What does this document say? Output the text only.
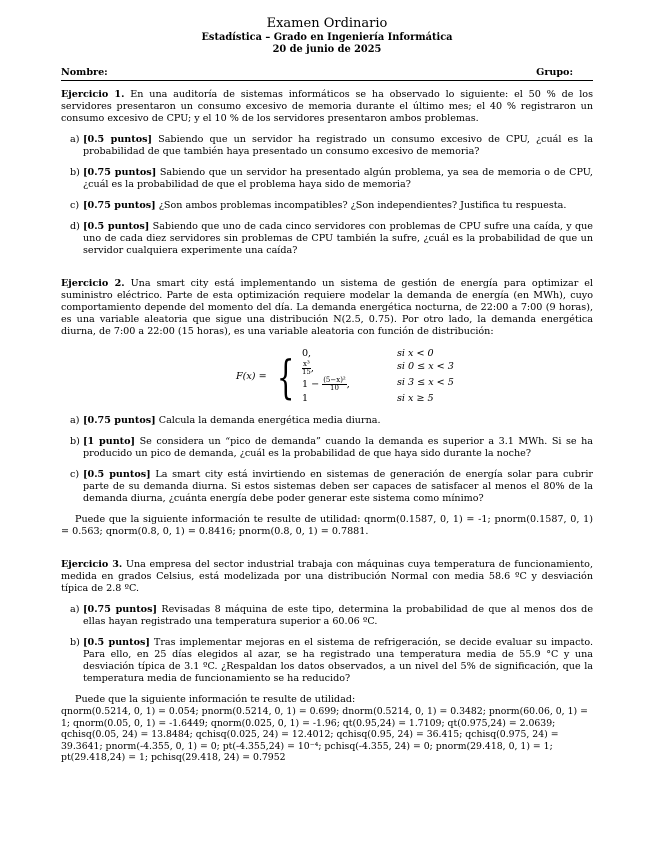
Examen Ordinario
Estadística – Grado en Ingeniería Informática
20 de junio de 2025
Nombre:	Grupo:

Ejercicio 1. En una auditoría de sistemas informáticos se ha observado lo siguiente: el 50 % de los servidores presentaron un consumo excesivo de memoria durante el último mes; el 40 % registraron un consumo excesivo de CPU; y el 10 % de los servidores presentaron ambos problemas.

a) [0.5 puntos] Sabiendo que un servidor ha registrado un consumo excesivo de CPU, ¿cuál es la probabilidad de que también haya presentado un consumo excesivo de memoria?
b) [0.75 puntos] Sabiendo que un servidor ha presentado algún problema, ya sea de memoria o de CPU, ¿cuál es la probabilidad de que el problema haya sido de memoria?
c) [0.75 puntos] ¿Son ambos problemas incompatibles? ¿Son independientes? Justifica tu respuesta.
d) [0.5 puntos] Sabiendo que uno de cada cinco servidores con problemas de CPU sufre una caída, y que uno de cada diez servidores sin problemas de CPU también la sufre, ¿cuál es la probabilidad de que un servidor cualquiera experimente una caída?

Ejercicio 2. Una smart city está implementando un sistema de gestión de energía para optimizar el suministro eléctrico. Parte de esta optimización requiere modelar la demanda de energía (en MWh), cuyo comportamiento depende del momento del día. La demanda energética nocturna, de 22:00 a 7:00 (9 horas), es una variable aleatoria que sigue una distribución N(2.5, 0.75). Por otro lado, la demanda energética diurna, de 7:00 a 22:00 (15 horas), es una variable aleatoria con función de distribución:

F(x) = { 0,	si x < 0
$\frac{\text{x³}}{15}$ ,	si 0 ≤ x < 3
$1 - \frac{\text{(5−x)²}}{10}$ ,	si 3 ≤ x < 5
1	si x ≥ 5
a) [0.75 puntos] Calcula la demanda energética media diurna.
b) [1 punto] Se considera un “pico de demanda” cuando la demanda es superior a 3.1 MWh. Si se ha producido un pico de demanda, ¿cuál es la probabilidad de que haya sido durante la noche?
c) [0.5 puntos] La smart city está invirtiendo en sistemas de generación de energía solar para cubrir parte de su demanda diurna. Si estos sistemas deben ser capaces de satisfacer al menos el 80% de la demanda diurna, ¿cuánta energía debe poder generar este sistema como mínimo?

Puede que la siguiente información te resulte de utilidad: qnorm(0.1587, 0, 1) = -1; pnorm(0.1587, 0, 1) = 0.563; qnorm(0.8, 0, 1) = 0.8416; pnorm(0.8, 0, 1) = 0.7881.

Ejercicio 3. Una empresa del sector industrial trabaja con máquinas cuya temperatura de funcionamiento, medida en grados Celsius, está modelizada por una distribución Normal con media 58.6 ºC y desviación típica de 2.8 ºC.

a) [0.75 puntos] Revisadas 8 máquina de este tipo, determina la probabilidad de que al menos dos de ellas hayan registrado una temperatura superior a 60.06 ºC.
b) [0.5 puntos] Tras implementar mejoras en el sistema de refrigeración, se decide evaluar su impacto. Para ello, en 25 días elegidos al azar, se ha registrado una temperatura media de 55.9 °C y una desviación típica de 3.1 ºC. ¿Respaldan los datos observados, a un nivel del 5% de significación, que la temperatura media de funcionamiento se ha reducido?

Puede que la siguiente información te resulte de utilidad:

qnorm(0.5214, 0, 1) = 0.054; pnorm(0.5214, 0, 1) = 0.699; dnorm(0.5214, 0, 1) = 0.3482; pnorm(60.06, 0, 1) = 1; qnorm(0.05, 0, 1) = -1.6449; qnorm(0.025, 0, 1) = -1.96; qt(0.95,24) = 1.7109; qt(0.975,24) = 2.0639; qchisq(0.05, 24) = 13.8484; qchisq(0.025, 24) = 12.4012; qchisq(0.95, 24) = 36.415; qchisq(0.975, 24) = 39.3641; pnorm(-4.355, 0, 1) = 0; pt(-4.355,24) = 10⁻⁴; pchisq(-4.355, 24) = 0; pnorm(29.418, 0, 1) = 1; pt(29.418,24) = 1; pchisq(29.418, 24) = 0.7952
